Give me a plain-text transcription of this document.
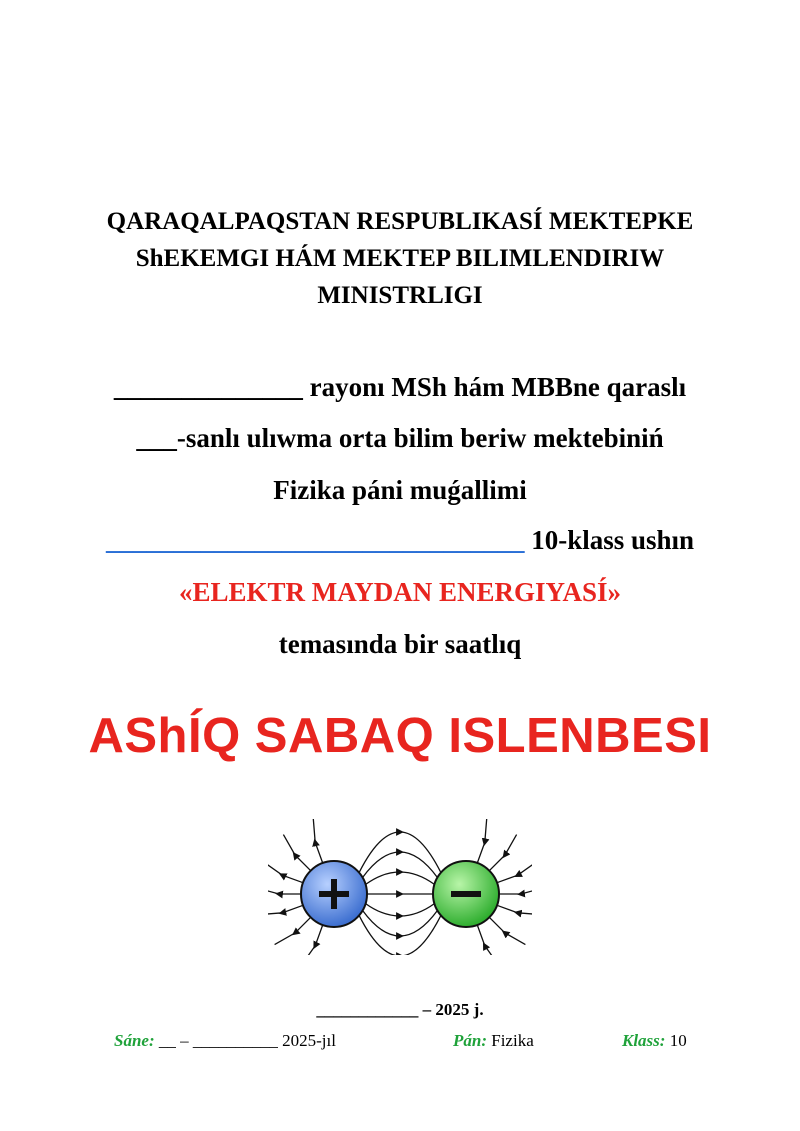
QARAQALPAQSTAN RESPUBLIKASÍ MEKTEPKE
ShEKEMGI HÁM MEKTEP BILIMLENDIRIW
MINISTRLIGI
______________ rayonı MSh hám MBBne qaraslı
___-sanlı ulıwma orta bilim beriw mektebiniń
Fizika páni muǵallimi
_______________________________ 10-klass ushın
«ELEKTR MAYDAN ENERGIYASÍ»
temasında bir saatlıq
AShÍQ SABAQ ISLENBESI
____________ – 2025 j.
Sáne: __ – __________ 2025-jıl	Pán: Fizika	Klass: 10
